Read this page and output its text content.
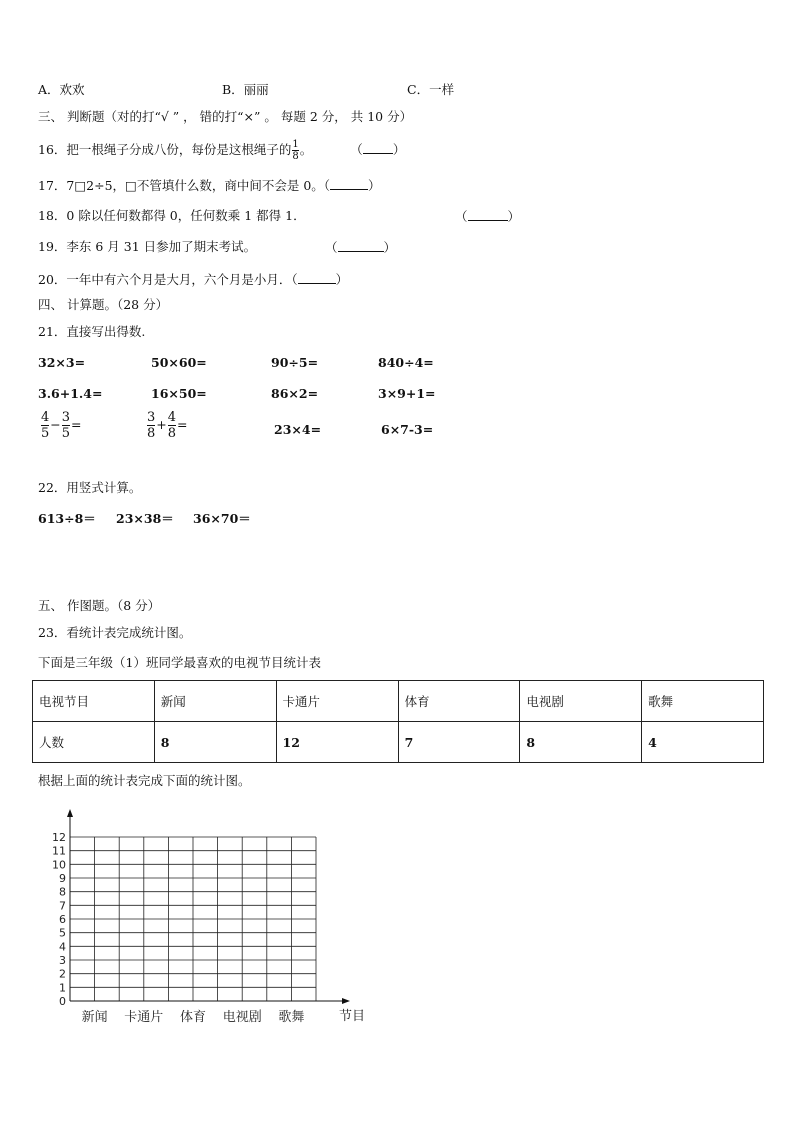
A．欢欢	B．丽丽	C．一样
三、 判断题（对的打“√ ” ， 错的打“×” 。 每题 2 分， 共 10 分）
16．把一根绳子分成八份，每份是这根绳子的 $\frac{1}{8}$ 。	（ ）
17．7□2÷5，□不管填什么数，商中间不会是 0。（	）
18．0 除以任何数都得 0，任何数乘 1 都得 1．	（	）
19．李东 6 月 31 日参加了期末考试。	（	）
20．一年中有六个月是大月，六个月是小月．（	）
四、 计算题。（28 分）
21．直接写出得数.
32×3=	50×60=	90÷5=	840÷4=
3.6+1.4=	16×50=	86×2=	3×9+1=
$\frac{4}{5} - \frac{3}{5}$ =	$\frac{3}{8} + \frac{4}{8}$ =	23×4=	6×7-3=
22．用竖式计算。
613÷8＝ 23×38＝ 36×70＝
五、 作图题。（8 分）
23．看统计表完成统计图。
下面是三年级（1）班同学最喜欢的电视节目统计表
电视节目	新闻	卡通片	体育	电视剧	歌舞
人数	8	12	7	8	4
根据上面的统计表完成下面的统计图。
0
1
2
3
4
5
6
7
8
9
10
11
12
新闻 卡通片 体育 电视剧 歌舞	节目
